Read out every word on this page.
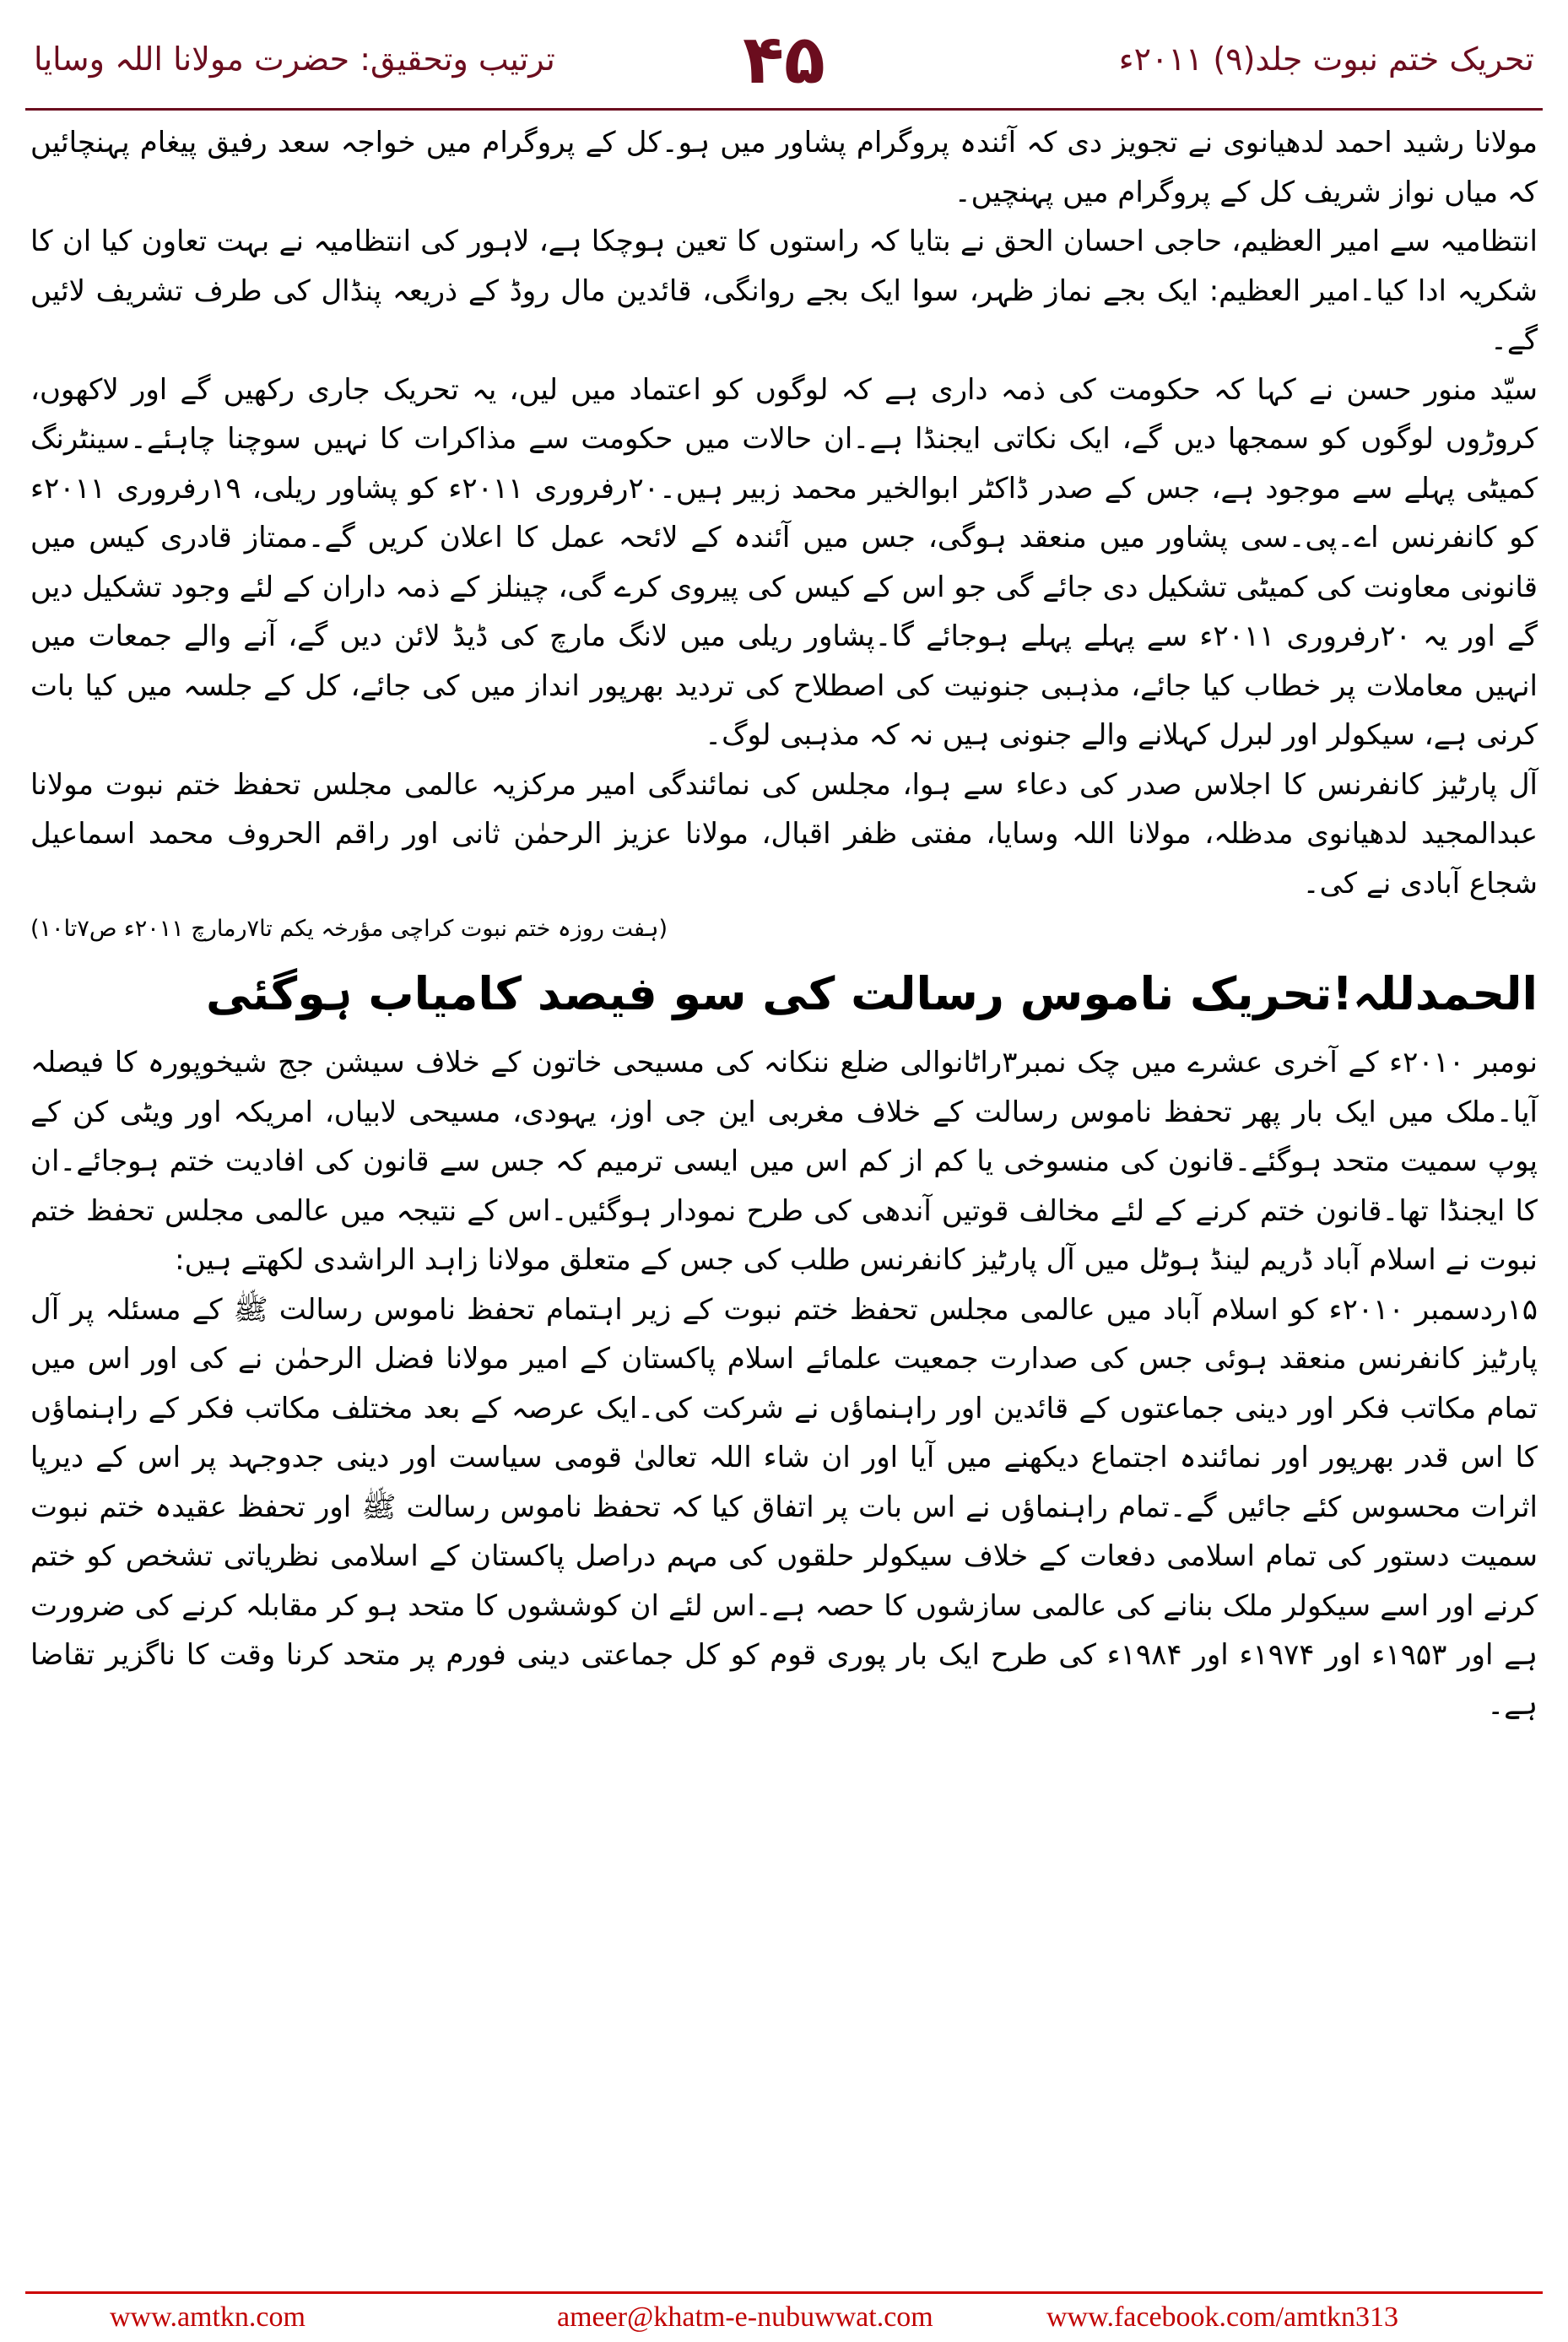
تحریک ختم نبوت جلد(۹) ۲۰۱۱ء
۴۵
ترتیب وتحقیق: حضرت مولانا اللہ وسایا

مولانا رشید احمد لدھیانوی نے تجویز دی کہ آئندہ پروگرام پشاور میں ہو۔کل کے پروگرام میں خواجہ سعد رفیق پیغام پہنچائیں کہ میاں نواز شریف کل کے پروگرام میں پہنچیں۔

انتظامیہ سے امیر العظیم، حاجی احسان الحق نے بتایا کہ راستوں کا تعین ہوچکا ہے، لاہور کی انتظامیہ نے بہت تعاون کیا ان کا شکریہ ادا کیا۔امیر العظیم: ایک بجے نماز ظہر، سوا ایک بجے روانگی، قائدین مال روڈ کے ذریعہ پنڈال کی طرف تشریف لائیں گے۔

سیّد منور حسن نے کہا کہ حکومت کی ذمہ داری ہے کہ لوگوں کو اعتماد میں لیں، یہ تحریک جاری رکھیں گے اور لاکھوں، کروڑوں لوگوں کو سمجھا دیں گے، ایک نکاتی ایجنڈا ہے۔ان حالات میں حکومت سے مذاکرات کا نہیں سوچنا چاہئے۔سینٹرنگ کمیٹی پہلے سے موجود ہے، جس کے صدر ڈاکٹر ابوالخیر محمد زبیر ہیں۔۲۰رفروری ۲۰۱۱ء کو پشاور ریلی، ۱۹رفروری ۲۰۱۱ء کو کانفرنس اے۔پی۔سی پشاور میں منعقد ہوگی، جس میں آئندہ کے لائحہ عمل کا اعلان کریں گے۔ممتاز قادری کیس میں قانونی معاونت کی کمیٹی تشکیل دی جائے گی جو اس کے کیس کی پیروی کرے گی، چینلز کے ذمہ داران کے لئے وجود تشکیل دیں گے اور یہ ۲۰رفروری ۲۰۱۱ء سے پہلے پہلے ہوجائے گا۔پشاور ریلی میں لانگ مارچ کی ڈیڈ لائن دیں گے، آنے والے جمعات میں انہیں معاملات پر خطاب کیا جائے، مذہبی جنونیت کی اصطلاح کی تردید بھرپور انداز میں کی جائے، کل کے جلسہ میں کیا بات کرنی ہے، سیکولر اور لبرل کہلانے والے جنونی ہیں نہ کہ مذہبی لوگ۔

آل پارٹیز کانفرنس کا اجلاس صدر کی دعاء سے ہوا، مجلس کی نمائندگی امیر مرکزیہ عالمی مجلس تحفظ ختم نبوت مولانا عبدالمجید لدھیانوی مدظلہ، مولانا اللہ وسایا، مفتی ظفر اقبال، مولانا عزیز الرحمٰن ثانی اور راقم الحروف محمد اسماعیل شجاع آبادی نے کی۔

(ہفت روزہ ختم نبوت کراچی مؤرخہ یکم تا۷رمارچ ۲۰۱۱ء ص۷تا۱۰)

الحمدللہ!تحریک ناموس رسالت کی سو فیصد کامیاب ہوگئی

نومبر ۲۰۱۰ء کے آخری عشرے میں چک نمبر۳راٹانوالی ضلع ننکانہ کی مسیحی خاتون کے خلاف سیشن جج شیخوپورہ کا فیصلہ آیا۔ملک میں ایک بار پھر تحفظ ناموس رسالت کے خلاف مغربی این جی اوز، یہودی، مسیحی لابیاں، امریکہ اور ویٹی کن کے پوپ سمیت متحد ہوگئے۔قانون کی منسوخی یا کم از کم اس میں ایسی ترمیم کہ جس سے قانون کی افادیت ختم ہوجائے۔ان کا ایجنڈا تھا۔قانون ختم کرنے کے لئے مخالف قوتیں آندھی کی طرح نمودار ہوگئیں۔اس کے نتیجہ میں عالمی مجلس تحفظ ختم نبوت نے اسلام آباد ڈریم لینڈ ہوٹل میں آل پارٹیز کانفرنس طلب کی جس کے متعلق مولانا زاہد الراشدی لکھتے ہیں:

۱۵ردسمبر ۲۰۱۰ء کو اسلام آباد میں عالمی مجلس تحفظ ختم نبوت کے زیر اہتمام تحفظ ناموس رسالت ﷺ کے مسئلہ پر آل پارٹیز کانفرنس منعقد ہوئی جس کی صدارت جمعیت علمائے اسلام پاکستان کے امیر مولانا فضل الرحمٰن نے کی اور اس میں تمام مکاتب فکر اور دینی جماعتوں کے قائدین اور راہنماؤں نے شرکت کی۔ایک عرصہ کے بعد مختلف مکاتب فکر کے راہنماؤں کا اس قدر بھرپور اور نمائندہ اجتماع دیکھنے میں آیا اور ان شاء اللہ تعالیٰ قومی سیاست اور دینی جدوجہد پر اس کے دیرپا اثرات محسوس کئے جائیں گے۔تمام راہنماؤں نے اس بات پر اتفاق کیا کہ تحفظ ناموس رسالت ﷺ اور تحفظ عقیدہ ختم نبوت سمیت دستور کی تمام اسلامی دفعات کے خلاف سیکولر حلقوں کی مہم دراصل پاکستان کے اسلامی نظریاتی تشخص کو ختم کرنے اور اسے سیکولر ملک بنانے کی عالمی سازشوں کا حصہ ہے۔اس لئے ان کوششوں کا متحد ہو کر مقابلہ کرنے کی ضرورت ہے اور ۱۹۵۳ء اور ۱۹۷۴ء اور ۱۹۸۴ء کی طرح ایک بار پوری قوم کو کل جماعتی دینی فورم پر متحد کرنا وقت کا ناگزیر تقاضا ہے۔

www.amtkn.com	ameer@khatm-e-nubuwwat.com	www.facebook.com/amtkn313
